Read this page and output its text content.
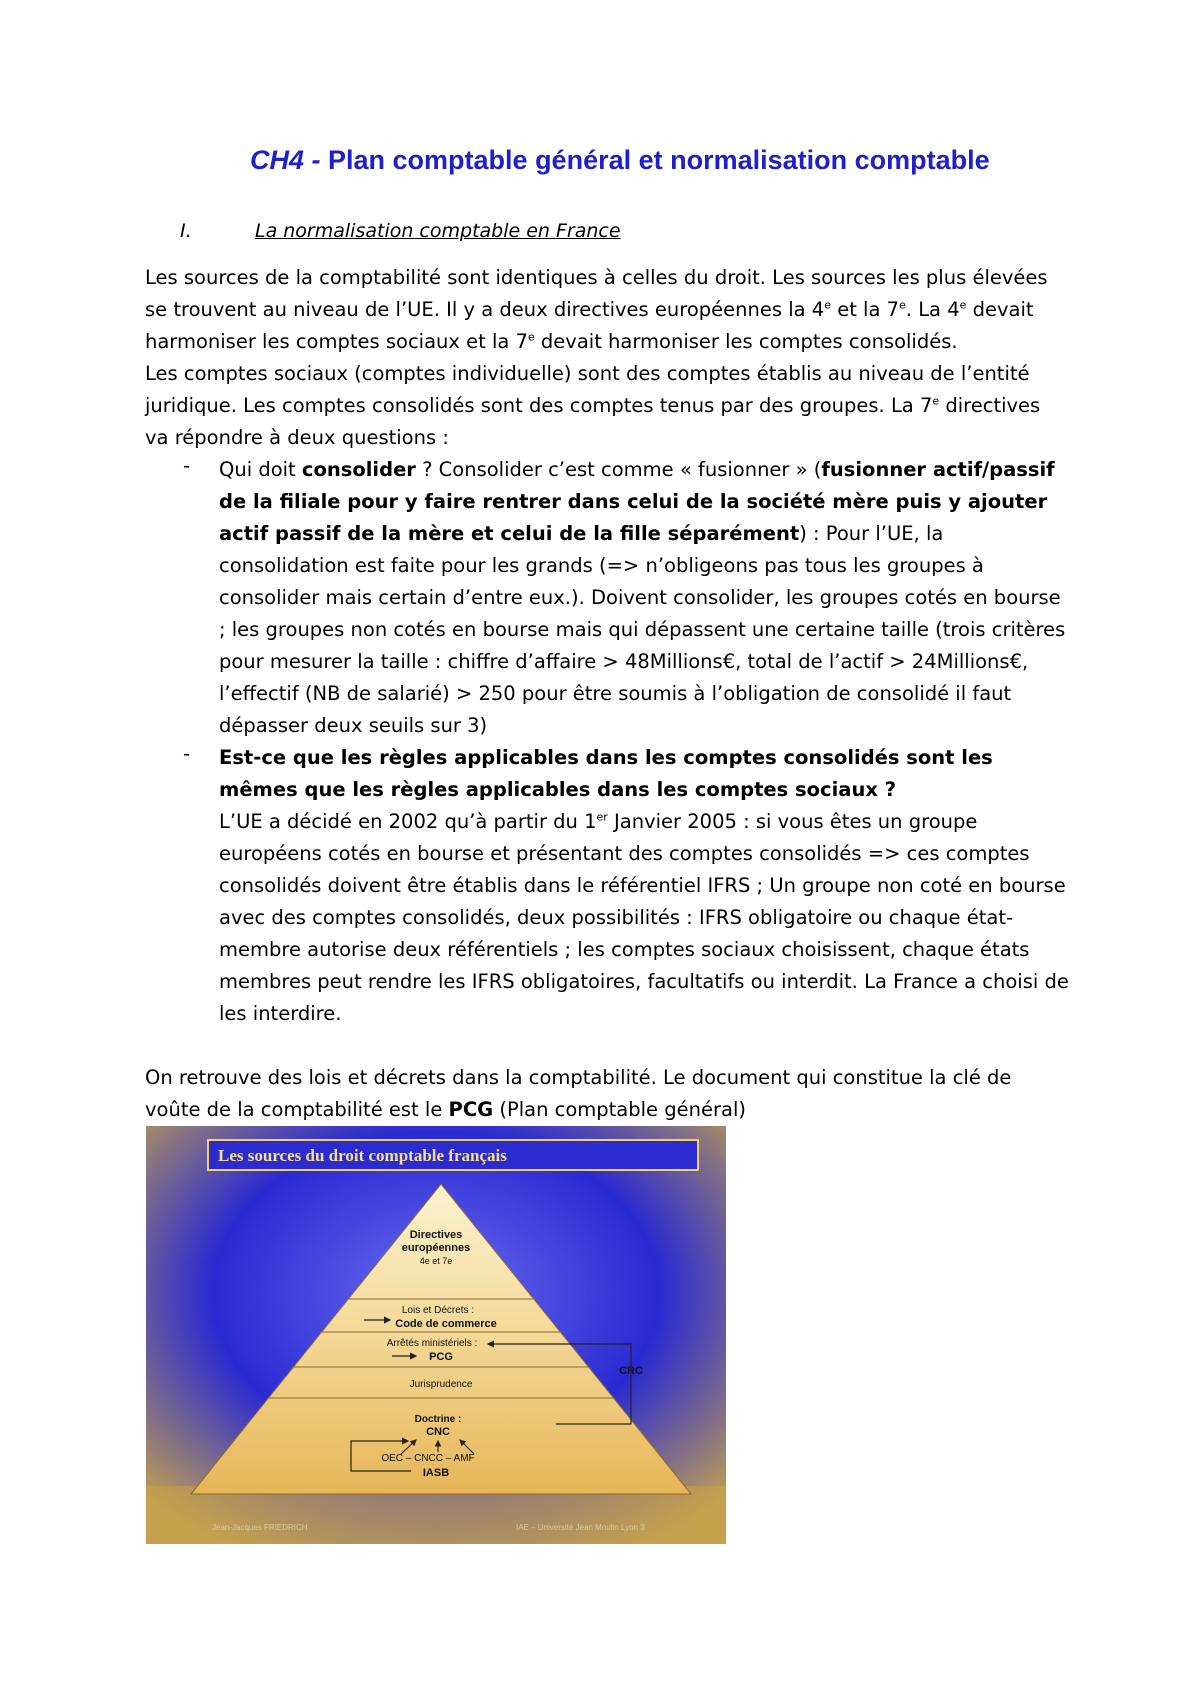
CH4 - Plan comptable général et normalisation comptable
I.	La normalisation comptable en France

Les sources de la comptabilité sont identiques à celles du droit. Les sources les plus élevées se trouvent au niveau de l’UE. Il y a deux directives européennes la 4e et la 7e. La 4e devait harmoniser les comptes sociaux et la 7e devait harmoniser les comptes consolidés.

Les comptes sociaux (comptes individuelle) sont des comptes établis au niveau de l’entité juridique. Les comptes consolidés sont des comptes tenus par des groupes. La 7e directives va répondre à deux questions :

- Qui doit consolider ? Consolider c’est comme « fusionner » (fusionner actif/passif de la filiale pour y faire rentrer dans celui de la société mère puis y ajouter actif passif de la mère et celui de la fille séparément) : Pour l’UE, la consolidation est faite pour les grands (=> n’obligeons pas tous les groupes à consolider mais certain d’entre eux.). Doivent consolider, les groupes cotés en bourse ; les groupes non cotés en bourse mais qui dépassent une certaine taille (trois critères pour mesurer la taille : chiffre d’affaire > 48Millions€, total de l’actif > 24Millions€, l’effectif (NB de salarié) > 250 pour être soumis à l’obligation de consolidé il faut dépasser deux seuils sur 3)

- Est-ce que les règles applicables dans les comptes consolidés sont les mêmes que les règles applicables dans les comptes sociaux ?

L’UE a décidé en 2002 qu’à partir du 1er Janvier 2005 : si vous êtes un groupe européens cotés en bourse et présentant des comptes consolidés => ces comptes consolidés doivent être établis dans le référentiel IFRS ; Un groupe non coté en bourse avec des comptes consolidés, deux possibilités : IFRS obligatoire ou chaque état-membre autorise deux référentiels ; les comptes sociaux choisissent, chaque états membres peut rendre les IFRS obligatoires, facultatifs ou interdit. La France a choisi de les interdire.

On retrouve des lois et décrets dans la comptabilité. Le document qui constitue la clé de voûte de la comptabilité est le PCG (Plan comptable général)

Les sources du droit comptable français
Directives
européennes
4e et 7e
Lois et Décrets :
Code de commerce
Arrêtés ministériels :
PCG
Jurisprudence
Doctrine :
CNC
OEC – CNCC – AMF
IASB
CRC
Jean-Jacques FRIEDRICH	IAE – Université Jean Moulin Lyon 3
